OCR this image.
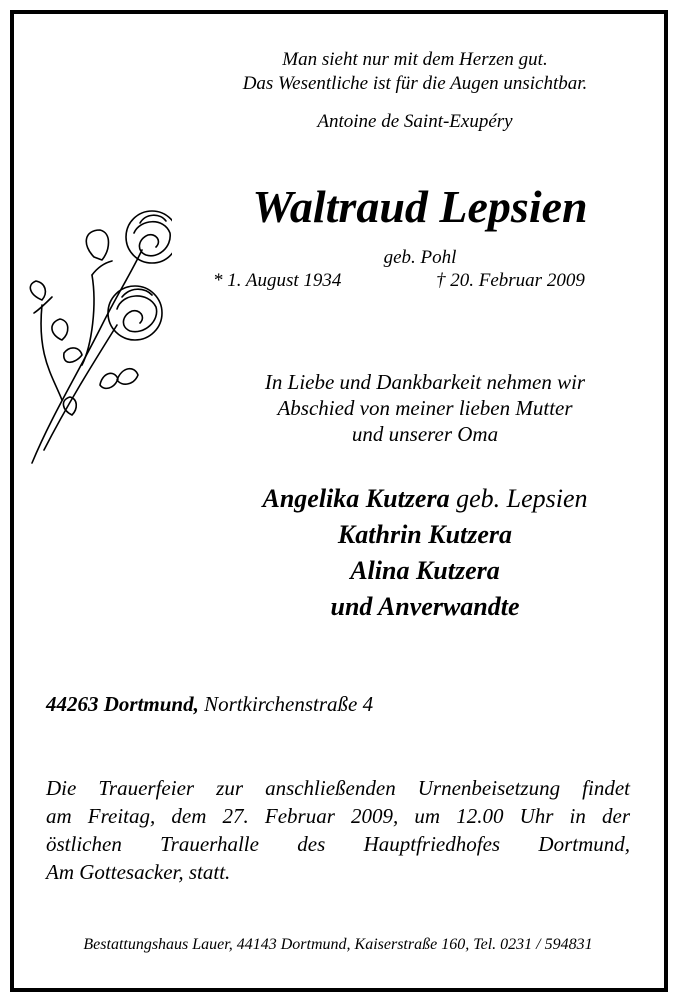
Man sieht nur mit dem Herzen gut.
Das Wesentliche ist für die Augen unsichtbar.
Antoine de Saint-Exupéry
Waltraud Lepsien
geb. Pohl
* 1. August 1934	† 20. Februar 2009
In Liebe und Dankbarkeit nehmen wir
Abschied von meiner lieben Mutter
und unserer Oma
Angelika Kutzera geb. Lepsien
Kathrin Kutzera
Alina Kutzera
und Anverwandte
44263 Dortmund, Nortkirchenstraße 4
Die Trauerfeier zur anschließenden Urnenbeisetzung findet
am Freitag, dem 27. Februar 2009, um 12.00 Uhr in der
östlichen Trauerhalle des Hauptfriedhofes Dortmund,
Am Gottesacker, statt.
Bestattungshaus Lauer, 44143 Dortmund, Kaiserstraße 160, Tel. 0231 / 594831
